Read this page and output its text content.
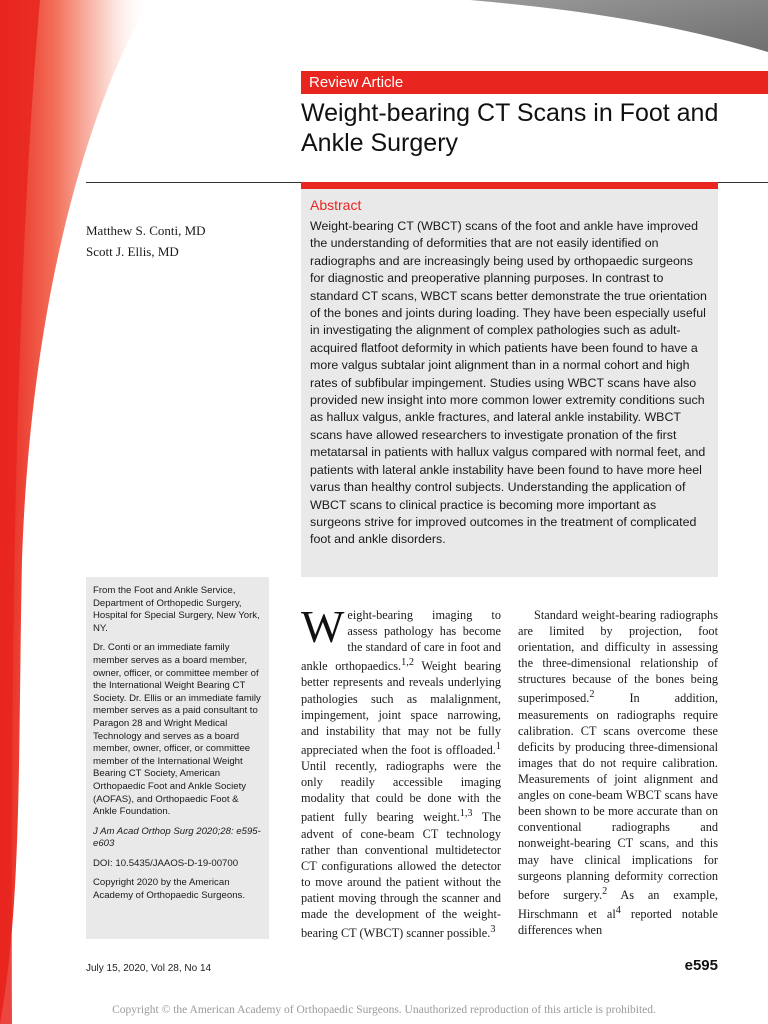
Review Article
Weight-bearing CT Scans in Foot and Ankle Surgery
Matthew S. Conti, MD
Scott J. Ellis, MD
Abstract

Weight-bearing CT (WBCT) scans of the foot and ankle have improved the understanding of deformities that are not easily identified on radiographs and are increasingly being used by orthopaedic surgeons for diagnostic and preoperative planning purposes. In contrast to standard CT scans, WBCT scans better demonstrate the true orientation of the bones and joints during loading. They have been especially useful in investigating the alignment of complex pathologies such as adult-acquired flatfoot deformity in which patients have been found to have a more valgus subtalar joint alignment than in a normal cohort and high rates of subfibular impingement. Studies using WBCT scans have also provided new insight into more common lower extremity conditions such as hallux valgus, ankle fractures, and lateral ankle instability. WBCT scans have allowed researchers to investigate pronation of the first metatarsal in patients with hallux valgus compared with normal feet, and patients with lateral ankle instability have been found to have more heel varus than healthy control subjects. Understanding the application of WBCT scans to clinical practice is becoming more important as surgeons strive for improved outcomes in the treatment of complicated foot and ankle disorders.

From the Foot and Ankle Service, Department of Orthopedic Surgery, Hospital for Special Surgery, New York, NY.

Dr. Conti or an immediate family member serves as a board member, owner, officer, or committee member of the International Weight Bearing CT Society. Dr. Ellis or an immediate family member serves as a paid consultant to Paragon 28 and Wright Medical Technology and serves as a board member, owner, officer, or committee member of the International Weight Bearing CT Society, American Orthopaedic Foot and Ankle Society (AOFAS), and Orthopaedic Foot & Ankle Foundation.

J Am Acad Orthop Surg 2020;28: e595-e603

DOI: 10.5435/JAAOS-D-19-00700

Copyright 2020 by the American Academy of Orthopaedic Surgeons.

Weight-bearing imaging to assess pathology has become the standard of care in foot and ankle orthopaedics.$^{1,2}$ Weight bearing better represents and reveals underlying pathologies such as malalignment, impingement, joint space narrowing, and instability that may not be fully appreciated when the foot is offloaded.$^1$ Until recently, radiographs were the only readily accessible imaging modality that could be done with the patient fully bearing weight.$^{1,3}$ The advent of cone-beam CT technology rather than conventional multidetector CT configurations allowed the detector to move around the patient without the patient moving through the scanner and made the development of the weight-bearing CT (WBCT) scanner possible.$^3$

Standard weight-bearing radiographs are limited by projection, foot orientation, and difficulty in assessing the three-dimensional relationship of structures because of the bones being superimposed.$^2$ In addition, measurements on radiographs require calibration. CT scans overcome these deficits by producing three-dimensional images that do not require calibration. Measurements of joint alignment and angles on cone-beam WBCT scans have been shown to be more accurate than on conventional radiographs and nonweight-bearing CT scans, and this may have clinical implications for surgeons planning deformity correction before surgery.$^2$ As an example, Hirschmann et $al^4$ reported notable differences when

July 15, 2020, Vol 28, No 14	e595
Copyright © the American Academy of Orthopaedic Surgeons. Unauthorized reproduction of this article is prohibited.
